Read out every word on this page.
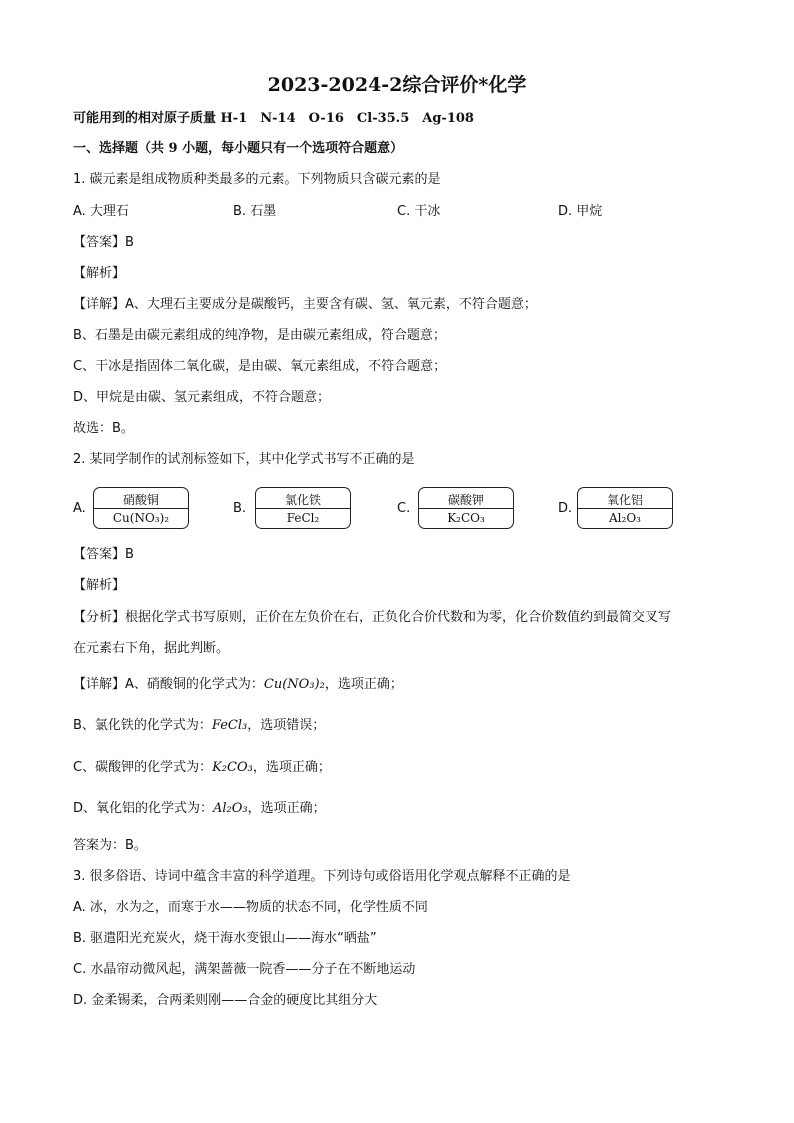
2023-2024-2综合评价*化学
可能用到的相对原子质量 H-1　N-14　O-16　Cl-35.5　Ag-108
一、选择题（共 9 小题，每小题只有一个选项符合题意）
1. 碳元素是组成物质种类最多的元素。下列物质只含碳元素的是
A. 大理石	B. 石墨	C. 干冰	D. 甲烷
【答案】B
【解析】
【详解】A、大理石主要成分是碳酸钙，主要含有碳、氢、氧元素，不符合题意；
B、石墨是由碳元素组成的纯净物，是由碳元素组成，符合题意；
C、干冰是指固体二氧化碳，是由碳、氧元素组成，不符合题意；
D、甲烷是由碳、氢元素组成，不符合题意；
故选：B。
2. 某同学制作的试剂标签如下，其中化学式书写不正确的是
A.
硝酸铜
Cu(NO₃)₂
B.
氯化铁
FeCl₂
C.
碳酸钾
K₂CO₃
D.
氧化铝
Al₂O₃
【答案】B
【解析】
【分析】根据化学式书写原则，正价在左负价在右，正负化合价代数和为零，化合价数值约到最简交叉写
在元素右下角，据此判断。
【详解】A、硝酸铜的化学式为：Cu(NO₃)₂，选项正确；
B、氯化铁的化学式为：FeCl₃，选项错误；
C、碳酸钾的化学式为：K₂CO₃，选项正确；
D、氧化铝的化学式为：Al₂O₃，选项正确；
答案为：B。
3. 很多俗语、诗词中蕴含丰富的科学道理。下列诗句或俗语用化学观点解释不正确的是
A. 冰，水为之，而寒于水——物质的状态不同，化学性质不同
B. 驱遣阳光充炭火，烧干海水变银山——海水“晒盐”
C. 水晶帘动微风起，满架蔷薇一院香——分子在不断地运动
D. 金柔锡柔，合两柔则刚——合金的硬度比其组分大
